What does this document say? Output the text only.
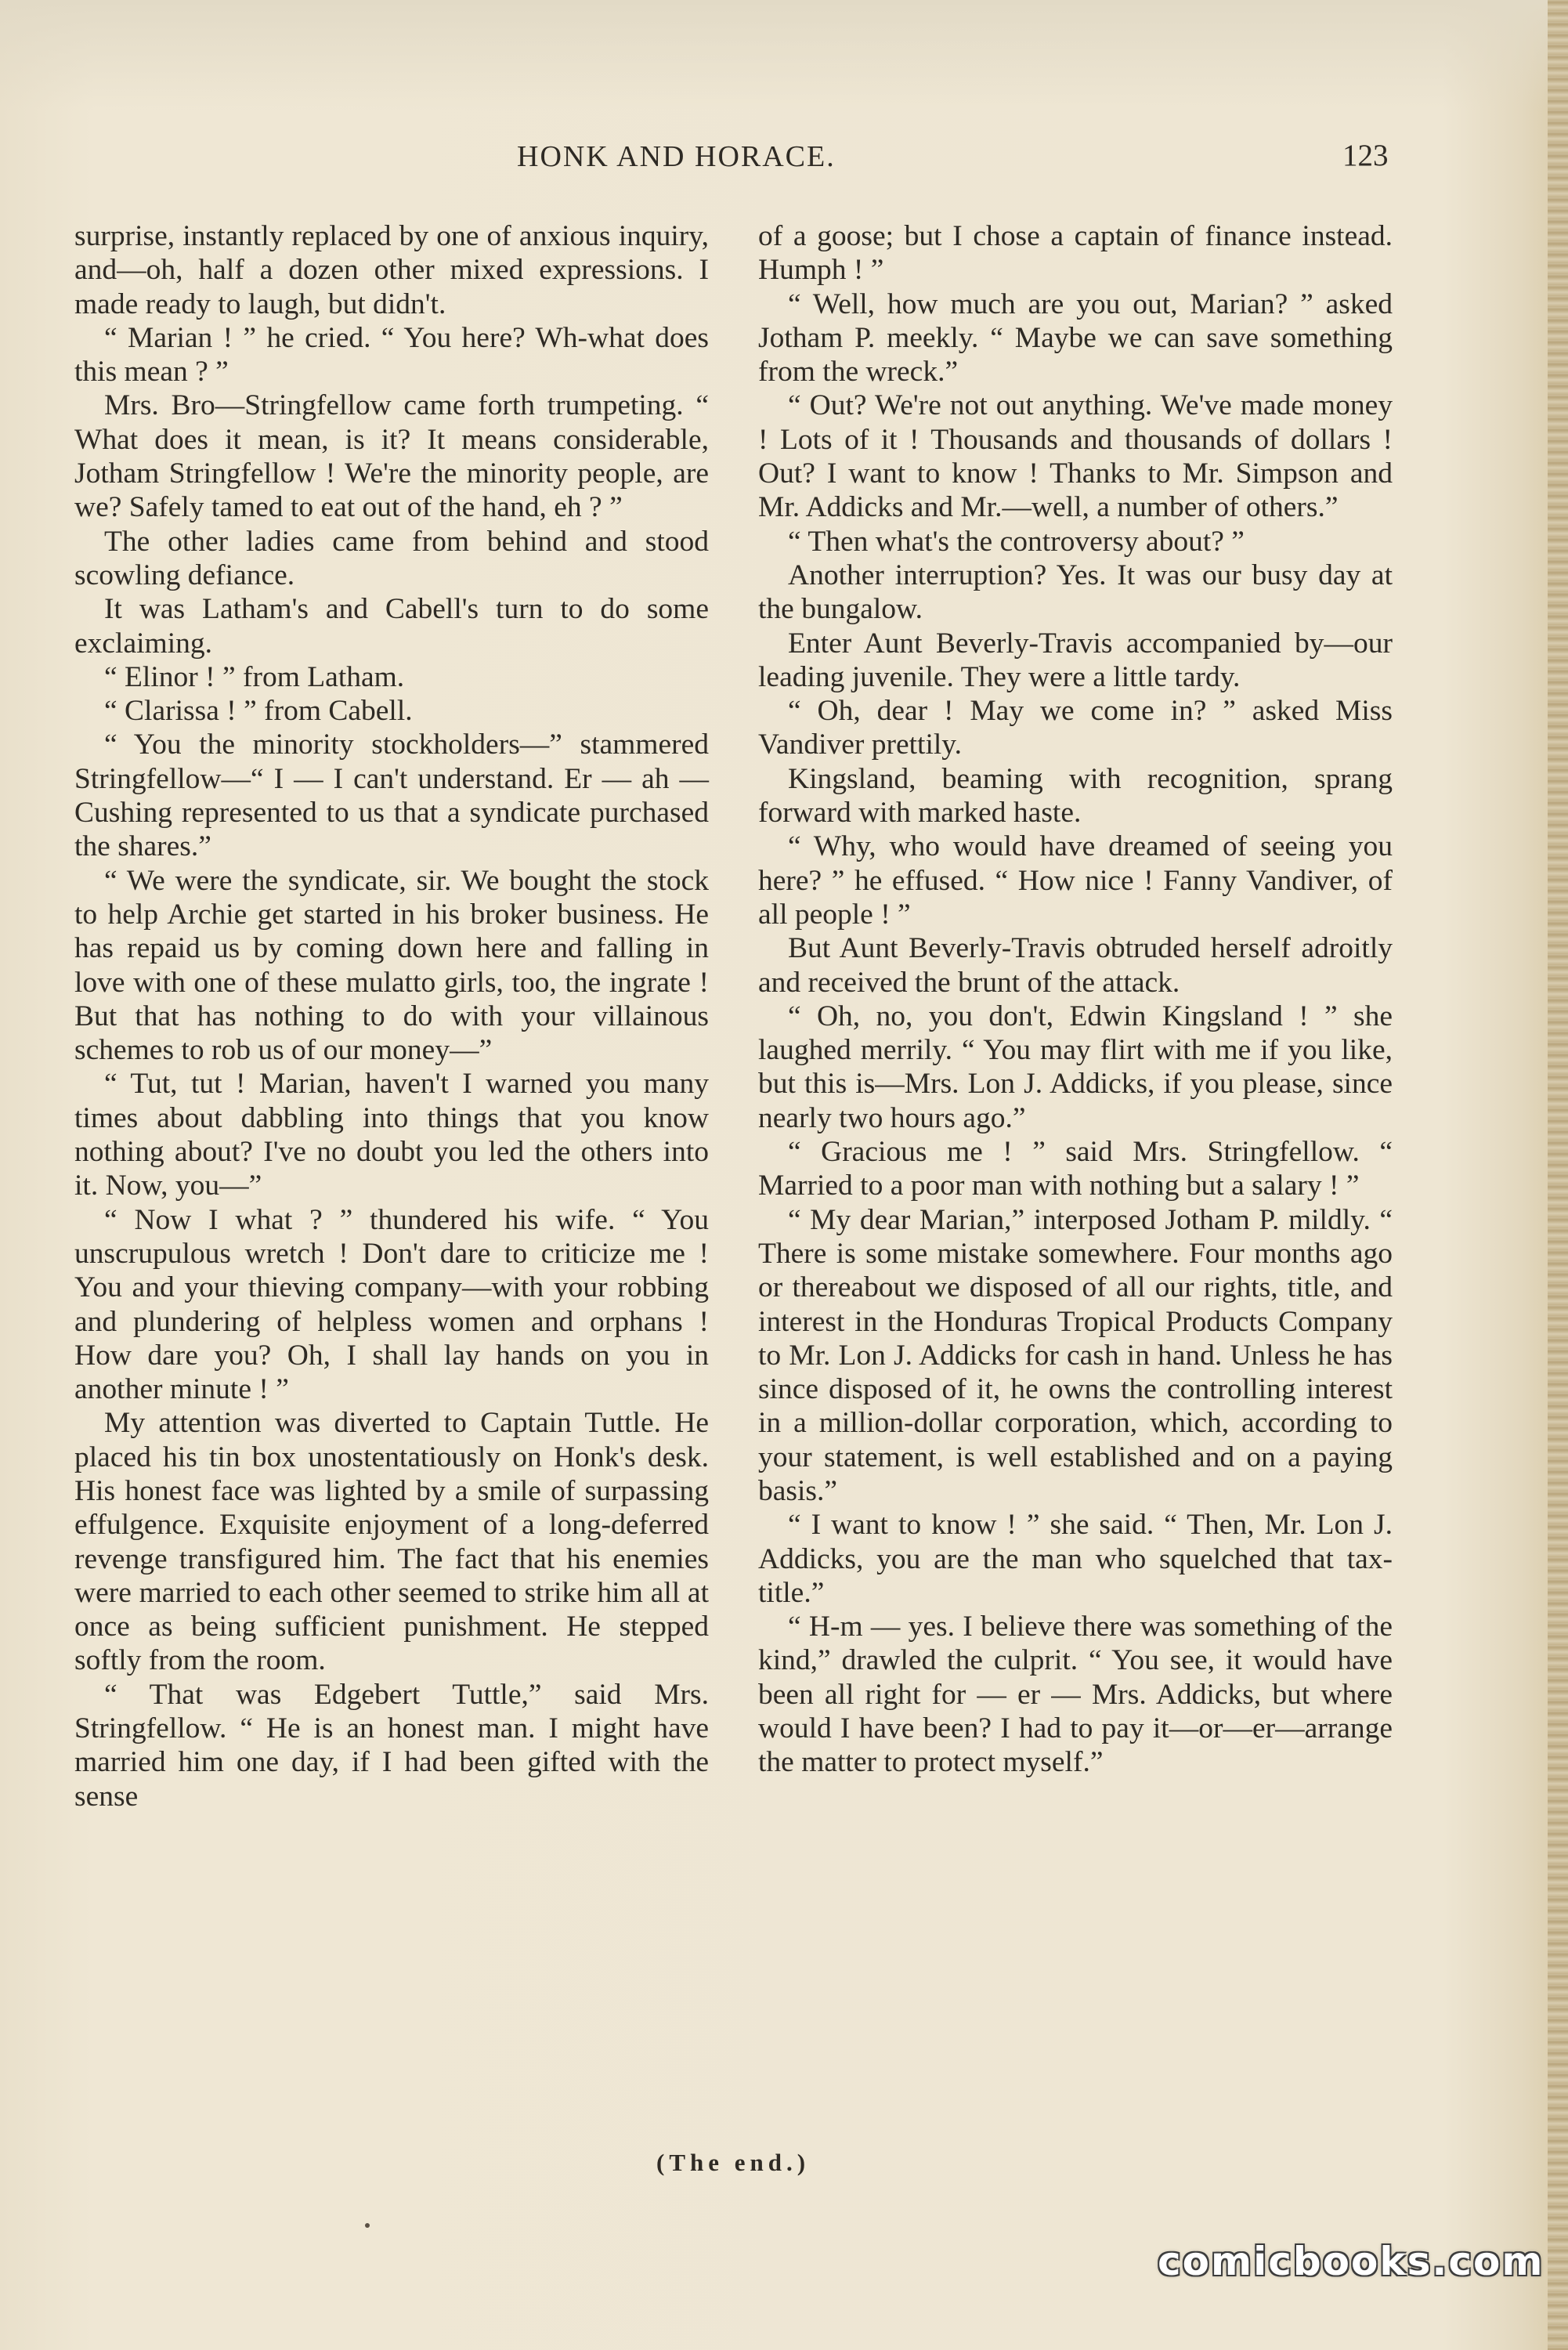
HONK AND HORACE.	123

surprise, instantly replaced by one of anxious inquiry, and—oh, half a dozen other mixed expressions. I made ready to laugh, but didn't.

“ Marian ! ” he cried. “ You here? Wh-what does this mean ? ”

Mrs. Bro—Stringfellow came forth trumpeting. “ What does it mean, is it? It means considerable, Jotham Stringfellow ! We're the minority people, are we? Safely tamed to eat out of the hand, eh ? ”

The other ladies came from behind and stood scowling defiance.

It was Latham's and Cabell's turn to do some exclaiming.

“ Elinor ! ” from Latham.

“ Clarissa ! ” from Cabell.

“ You the minority stockholders—” stammered Stringfellow—“ I — I can't understand. Er — ah — Cushing represented to us that a syndicate purchased the shares.”

“ We were the syndicate, sir. We bought the stock to help Archie get started in his broker business. He has repaid us by coming down here and falling in love with one of these mulatto girls, too, the ingrate ! But that has nothing to do with your villainous schemes to rob us of our money—”

“ Tut, tut ! Marian, haven't I warned you many times about dabbling into things that you know nothing about? I've no doubt you led the others into it. Now, you—”

“ Now I what ? ” thundered his wife. “ You unscrupulous wretch ! Don't dare to criticize me ! You and your thieving company—with your robbing and plundering of helpless women and orphans ! How dare you? Oh, I shall lay hands on you in another minute ! ”

My attention was diverted to Captain Tuttle. He placed his tin box unostentatiously on Honk's desk. His honest face was lighted by a smile of surpassing effulgence. Exquisite enjoyment of a long-deferred revenge transfigured him. The fact that his enemies were married to each other seemed to strike him all at once as being sufficient punishment. He stepped softly from the room.

“ That was Edgebert Tuttle,” said Mrs. Stringfellow. “ He is an honest man. I might have married him one day, if I had been gifted with the sense

of a goose; but I chose a captain of finance instead. Humph ! ”

“ Well, how much are you out, Marian? ” asked Jotham P. meekly. “ Maybe we can save something from the wreck.”

“ Out? We're not out anything. We've made money ! Lots of it ! Thousands and thousands of dollars ! Out? I want to know ! Thanks to Mr. Simpson and Mr. Addicks and Mr.—well, a number of others.”

“ Then what's the controversy about? ”

Another interruption? Yes. It was our busy day at the bungalow.

Enter Aunt Beverly-Travis accompanied by—our leading juvenile. They were a little tardy.

“ Oh, dear ! May we come in? ” asked Miss Vandiver prettily.

Kingsland, beaming with recognition, sprang forward with marked haste.

“ Why, who would have dreamed of seeing you here? ” he effused. “ How nice ! Fanny Vandiver, of all people ! ”

But Aunt Beverly-Travis obtruded herself adroitly and received the brunt of the attack.

“ Oh, no, you don't, Edwin Kingsland ! ” she laughed merrily. “ You may flirt with me if you like, but this is—Mrs. Lon J. Addicks, if you please, since nearly two hours ago.”

“ Gracious me ! ” said Mrs. Stringfellow. “ Married to a poor man with nothing but a salary ! ”

“ My dear Marian,” interposed Jotham P. mildly. “ There is some mistake somewhere. Four months ago or thereabout we disposed of all our rights, title, and interest in the Honduras Tropical Products Company to Mr. Lon J. Addicks for cash in hand. Unless he has since disposed of it, he owns the controlling interest in a million-dollar corporation, which, according to your statement, is well established and on a paying basis.”

“ I want to know ! ” she said. “ Then, Mr. Lon J. Addicks, you are the man who squelched that tax-title.”

“ H-m — yes. I believe there was something of the kind,” drawled the culprit. “ You see, it would have been all right for — er — Mrs. Addicks, but where would I have been? I had to pay it—or—er—arrange the matter to protect myself.”

(The end.)
comicbooks.com
